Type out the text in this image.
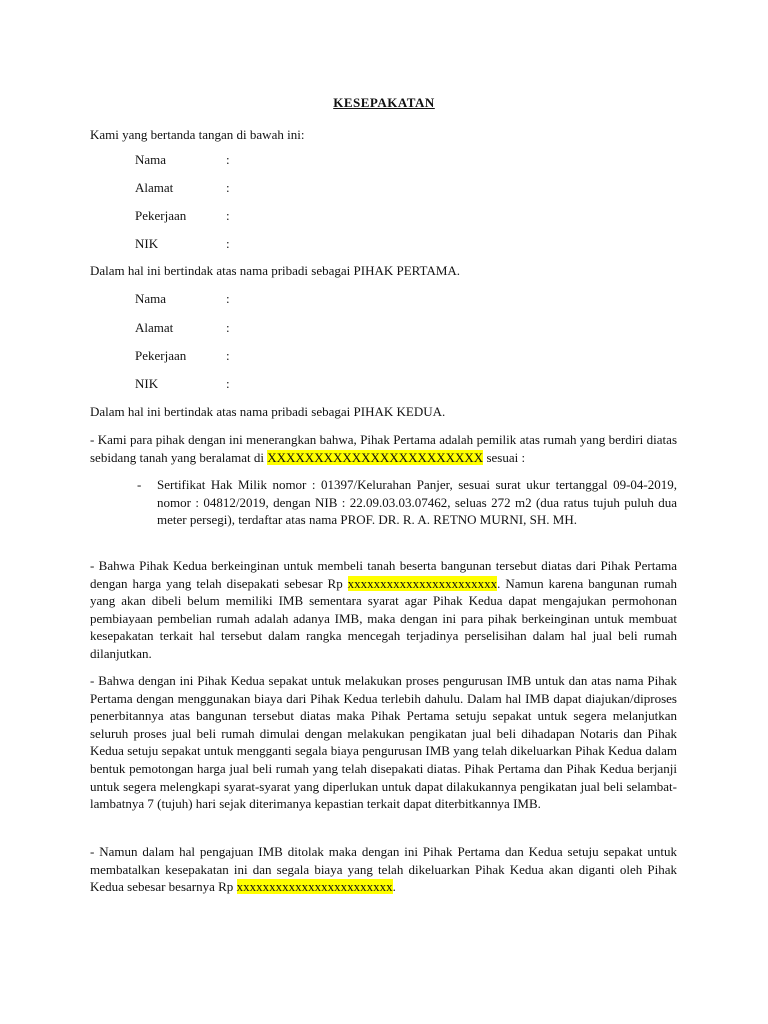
KESEPAKATAN
Kami yang bertanda tangan di bawah ini:
Nama	:
Alamat	:
Pekerjaan	:
NIK	:
Dalam hal ini bertindak atas nama pribadi sebagai PIHAK PERTAMA.
Nama	:
Alamat	:
Pekerjaan	:
NIK	:
Dalam hal ini bertindak atas nama pribadi sebagai PIHAK KEDUA.
- Kami para pihak dengan ini menerangkan bahwa, Pihak Pertama adalah pemilik atas rumah yang berdiri diatas sebidang tanah yang beralamat di XXXXXXXXXXXXXXXXXXXXXXX sesuai :
- Sertifikat Hak Milik nomor : 01397/Kelurahan Panjer, sesuai surat ukur tertanggal 09-04-2019, nomor : 04812/2019, dengan NIB : 22.09.03.03.07462, seluas 272 m2 (dua ratus tujuh puluh dua meter persegi), terdaftar atas nama PROF. DR. R. A. RETNO MURNI, SH. MH.
- Bahwa Pihak Kedua berkeinginan untuk membeli tanah beserta bangunan tersebut diatas dari Pihak Pertama dengan harga yang telah disepakati sebesar Rp xxxxxxxxxxxxxxxxxxxxxxx. Namun karena bangunan rumah yang akan dibeli belum memiliki IMB sementara syarat agar Pihak Kedua dapat mengajukan permohonan pembiayaan pembelian rumah adalah adanya IMB, maka dengan ini para pihak berkeinginan untuk membuat kesepakatan terkait hal tersebut dalam rangka mencegah terjadinya perselisihan dalam hal jual beli rumah dilanjutkan.
- Bahwa dengan ini Pihak Kedua sepakat untuk melakukan proses pengurusan IMB untuk dan atas nama Pihak Pertama dengan menggunakan biaya dari Pihak Kedua terlebih dahulu. Dalam hal IMB dapat diajukan/diproses penerbitannya atas bangunan tersebut diatas maka Pihak Pertama setuju sepakat untuk segera melanjutkan seluruh proses jual beli rumah dimulai dengan melakukan pengikatan jual beli dihadapan Notaris dan Pihak Kedua setuju sepakat untuk mengganti segala biaya pengurusan IMB yang telah dikeluarkan Pihak Kedua dalam bentuk pemotongan harga jual beli rumah yang telah disepakati diatas. Pihak Pertama dan Pihak Kedua berjanji untuk segera melengkapi syarat-syarat yang diperlukan untuk dapat dilakukannya pengikatan jual beli selambat-lambatnya 7 (tujuh) hari sejak diterimanya kepastian terkait dapat diterbitkannya IMB.
- Namun dalam hal pengajuan IMB ditolak maka dengan ini Pihak Pertama dan Kedua setuju sepakat untuk membatalkan kesepakatan ini dan segala biaya yang telah dikeluarkan Pihak Kedua akan diganti oleh Pihak Kedua sebesar besarnya Rp xxxxxxxxxxxxxxxxxxxxxxxx.
